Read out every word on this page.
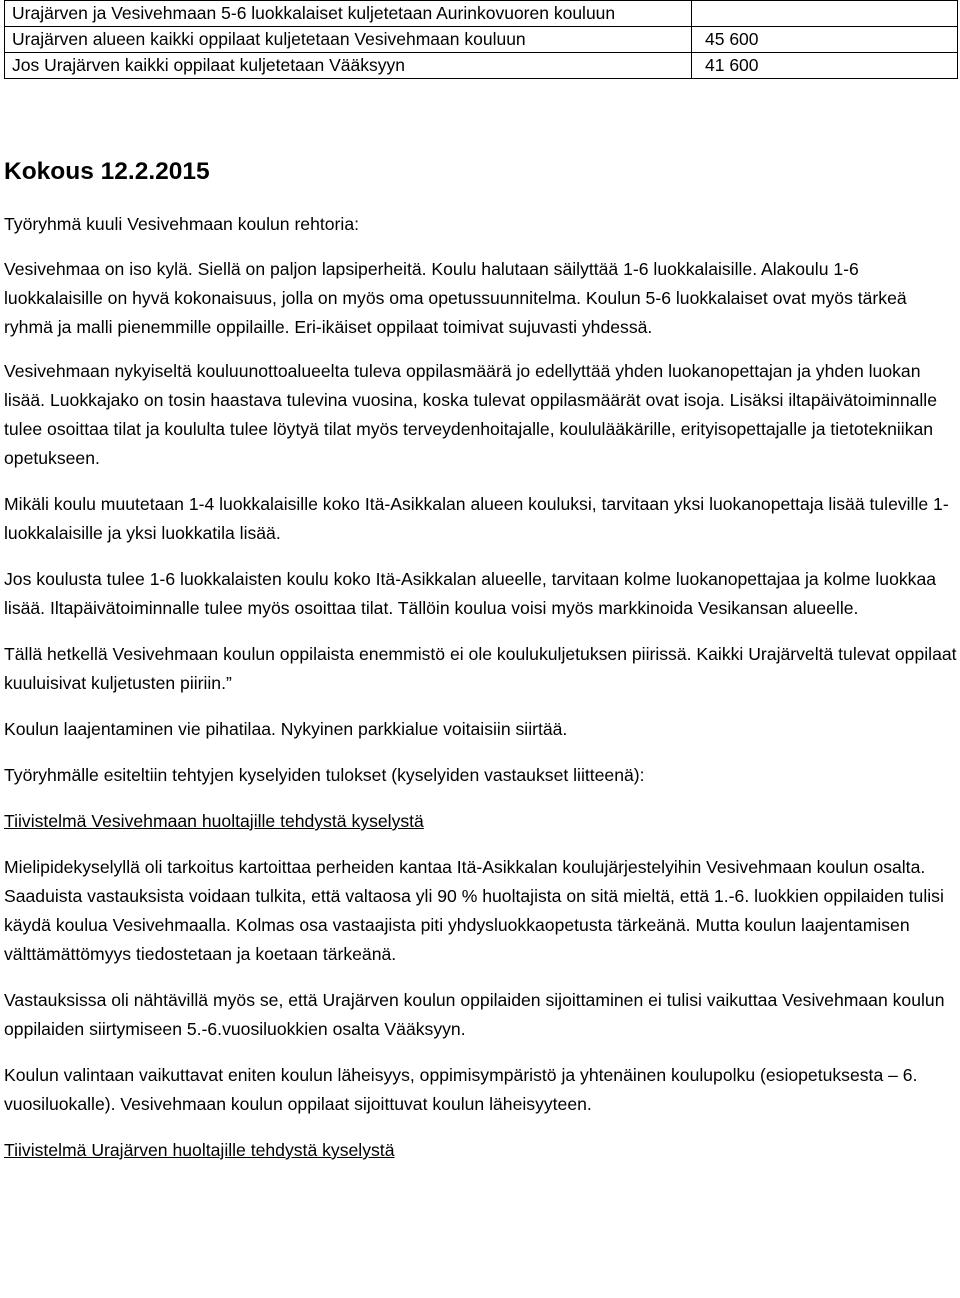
Urajärven ja Vesivehmaan 5-6 luokkalaiset kuljetetaan Aurinkovuoren kouluun	
Urajärven alueen kaikki oppilaat kuljetetaan Vesivehmaan kouluun	45 600
Jos Urajärven kaikki oppilaat kuljetetaan Vääksyyn	41 600
Kokous 12.2.2015

Työryhmä kuuli Vesivehmaan koulun rehtoria:

Vesivehmaa on iso kylä. Siellä on paljon lapsiperheitä. Koulu halutaan säilyttää 1-6 luokkalaisille. Alakoulu 1-6 luokkalaisille on hyvä kokonaisuus, jolla on myös oma opetussuunnitelma. Koulun 5-6 luokkalaiset ovat myös tärkeä ryhmä ja malli pienemmille oppilaille. Eri-ikäiset oppilaat toimivat sujuvasti yhdessä.

Vesivehmaan nykyiseltä kouluunottoalueelta tuleva oppilasmäärä jo edellyttää yhden luokanopettajan ja yhden luokan lisää. Luokkajako on tosin haastava tulevina vuosina, koska tulevat oppilasmäärät ovat isoja. Lisäksi iltapäivätoiminnalle tulee osoittaa tilat ja koululta tulee löytyä tilat myös terveydenhoitajalle, koululääkärille, erityisopettajalle ja tietotekniikan opetukseen.

Mikäli koulu muutetaan 1-4 luokkalaisille koko Itä-Asikkalan alueen kouluksi, tarvitaan yksi luokanopettaja lisää tuleville 1-luokkalaisille ja yksi luokkatila lisää.

Jos koulusta tulee 1-6 luokkalaisten koulu koko Itä-Asikkalan alueelle, tarvitaan kolme luokanopettajaa ja kolme luokkaa lisää. Iltapäivätoiminnalle tulee myös osoittaa tilat. Tällöin koulua voisi myös markkinoida Vesikansan alueelle.

Tällä hetkellä Vesivehmaan koulun oppilaista enemmistö ei ole koulukuljetuksen piirissä. Kaikki Urajärveltä tulevat oppilaat kuuluisivat kuljetusten piiriin.”

Koulun laajentaminen vie pihatilaa. Nykyinen parkkialue voitaisiin siirtää.

Työryhmälle esiteltiin tehtyjen kyselyiden tulokset (kyselyiden vastaukset liitteenä):

Tiivistelmä Vesivehmaan huoltajille tehdystä kyselystä

Mielipidekyselyllä oli tarkoitus kartoittaa perheiden kantaa Itä-Asikkalan koulujärjestelyihin Vesivehmaan koulun osalta. Saaduista vastauksista voidaan tulkita, että valtaosa yli 90 % huoltajista on sitä mieltä, että 1.-6. luokkien oppilaiden tulisi käydä koulua Vesivehmaalla. Kolmas osa vastaajista piti yhdysluokkaopetusta tärkeänä. Mutta koulun laajentamisen välttämättömyys tiedostetaan ja koetaan tärkeänä.

Vastauksissa oli nähtävillä myös se, että Urajärven koulun oppilaiden sijoittaminen ei tulisi vaikuttaa Vesivehmaan koulun oppilaiden siirtymiseen 5.-6.vuosiluokkien osalta Vääksyyn.

Koulun valintaan vaikuttavat eniten koulun läheisyys, oppimisympäristö ja yhtenäinen koulupolku (esiopetuksesta – 6. vuosiluokalle). Vesivehmaan koulun oppilaat sijoittuvat koulun läheisyyteen.

Tiivistelmä Urajärven huoltajille tehdystä kyselystä
